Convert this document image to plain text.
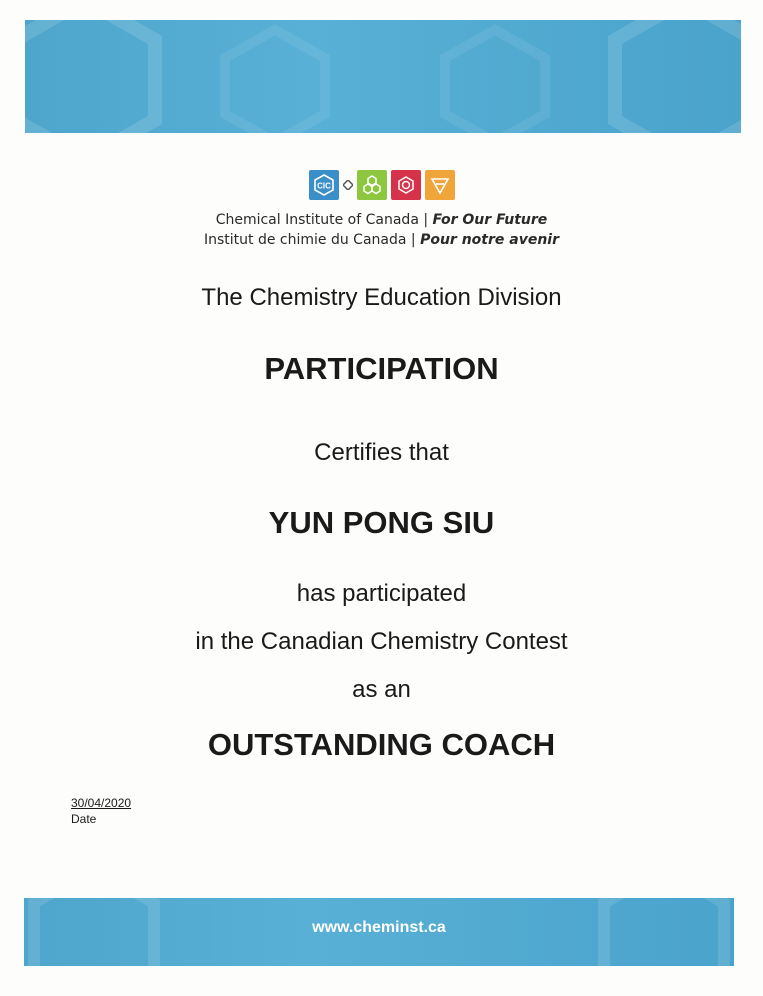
CIC
Chemical Institute of Canada | For Our Future
Institut de chimie du Canada | Pour notre avenir
The Chemistry Education Division
PARTICIPATION
Certifies that
YUN PONG SIU
has participated
in the Canadian Chemistry Contest
as an
OUTSTANDING COACH
30/04/2020
Date
www.cheminst.ca
